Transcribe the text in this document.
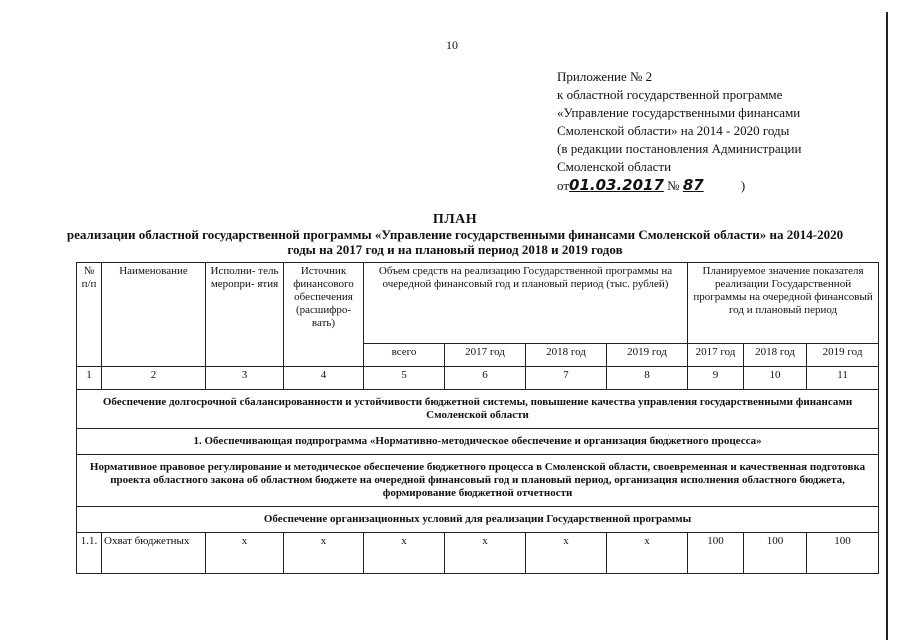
10
Приложение № 2
к областной государственной программе
«Управление государственными финансами
Смоленской области» на 2014 - 2020 годы
(в редакции постановления Администрации
Смоленской области
от01.03.2017 № 87	)
ПЛАН
реализации областной государственной программы «Управление государственными финансами Смоленской области» на 2014-2020 годы на 2017 год и на плановый период 2018 и 2019 годов
№ п/п	Наименование	Исполни- тель меропри- ятия	Источник финансового обеспечения (расшифро- вать)	Объем средств на реализацию Государственной программы на очередной финансовый год и плановый период (тыс. рублей)				Планируемое значение показателя реализации Государственной программы на очередной финансовый год и плановый период		
				всего	2017 год	2018 год	2019 год	2017 год	2018 год	2019 год
1	2	3	4	5	6	7	8	9	10	11
Обеспечение долгосрочной сбалансированности и устойчивости бюджетной системы, повышение качества управления государственными финансами Смоленской области										
1. Обеспечивающая подпрограмма «Нормативно-методическое обеспечение и организация бюджетного процесса»										
Нормативное правовое регулирование и методическое обеспечение бюджетного процесса в Смоленской области, своевременная и качественная подготовка проекта областного закона об областном бюджете на очередной финансовый год и плановый период, организация исполнения областного бюджета, формирование бюджетной отчетности										
Обеспечение организационных условий для реализации Государственной программы										
1.1.	Охват бюджетных	х	х	х	х	х	х	100	100	100
